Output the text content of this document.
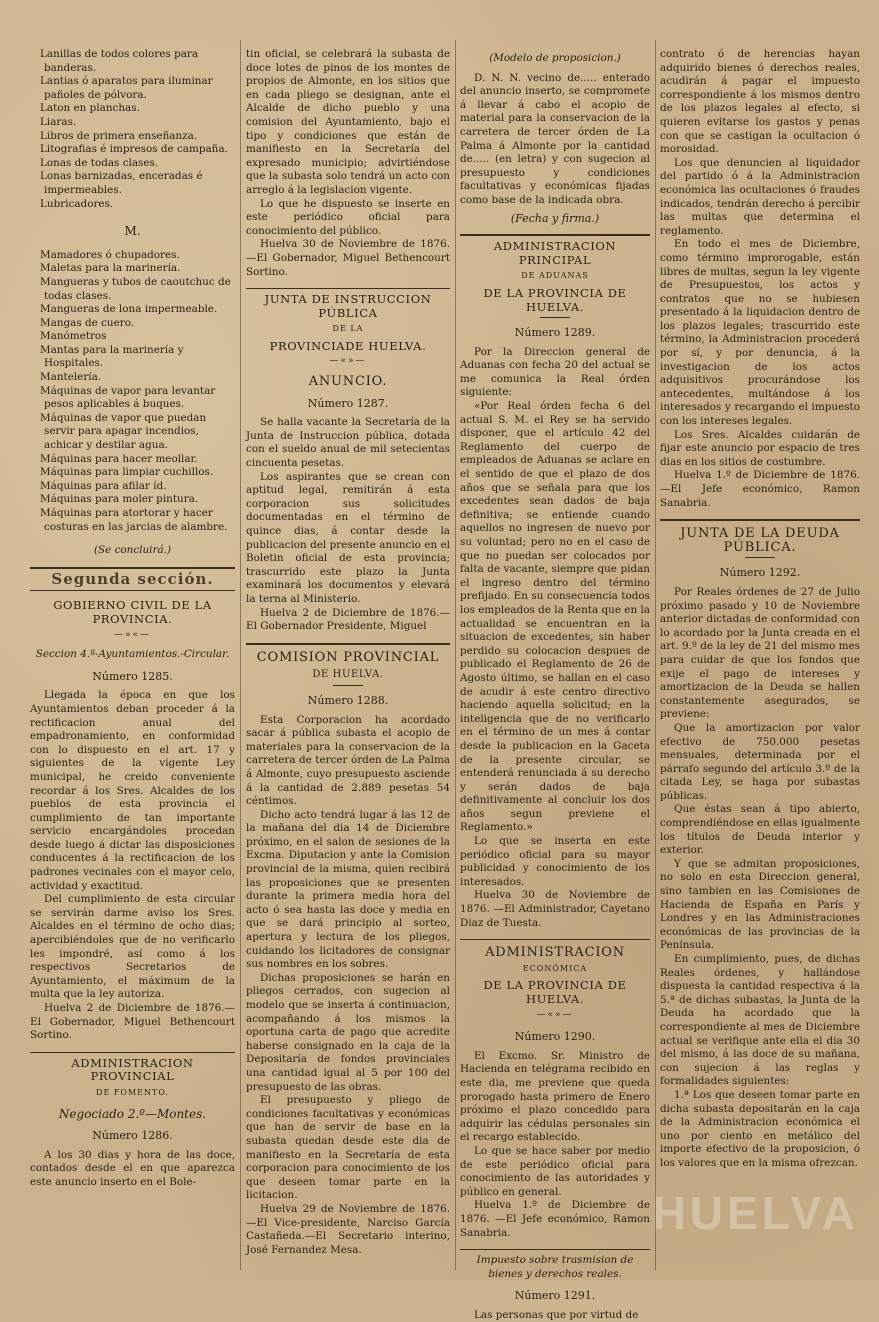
Lanillas de todos colores para banderas.

Lantias ó aparatos para iluminar pañoles de pólvora.

Laton en planchas.

Liaras.

Libros de primera enseñanza.

Litografias é impresos de campaña.

Lonas de todas clases.

Lonas barnizadas, enceradas é impermeables.

Lubricadores.

M.

Mamadores ó chupadores.

Maletas para la marinería.

Mangueras y tubos de caoutchuc de todas clases.

Mangueras de lona impermeable.

Mangas de cuero.

Manómetros

Mantas para la marinería y Hospitales.

Mantelería.

Máquinas de vapor para levantar pesos aplicables á buques.

Máquinas de vapor que puedan servir para apagar incendios, achicar y destilar agua.

Máquinas para hacer meollar.

Máquinas para limpiar cuchillos.

Máquinas para afilar íd.

Máquinas para moler pintura.

Máquinas para atortorar y hacer costuras en las jarcias de alambre.

(Se concluirá.)

Segunda sección.

GOBIERNO CIVIL DE LA PROVINCIA.

—»«—

Seccion 4.ª-Ayuntamientos.-Circular.

Número 1285.

Llegada la época en que los Ayuntamientos deban proceder á la rectificacion anual del empadronamiento, en conformidad con lo dispuesto en el art. 17 y siguientes de la vigente Ley municipal, he creido conveniente recordar á los Sres. Alcaldes de los pueblos de esta provincia el cumplimiento de tan importante servicio encargándoles procedan desde luego á dictar las disposiciones conducentes á la rectificacion de los padrones vecinales con el mayor celo, actividad y exactitud.

Del cumplimiento de esta circular se servirán darme aviso los Sres. Alcaldes en el término de ocho dias; apercibiéndoles que de no verificarlo les impondré, así como á los respectivos Secretarios de Ayuntamiento, el máximum de la multa que la ley autoriza.

Huelva 2 de Diciembre de 1876.—El Gobernador, Miguel Bethencourt Sortino.

ADMINISTRACION PROVINCIAL

DE FOMENTO.

Negociado 2.º—Montes.

Número 1286.

A los 30 dias y hora de las doce, contados desde el en que aparezca este anuncio inserto en el Bole-

tin oficial, se celebrará la subasta de doce lotes de pinos de los montes de propios de Almonte, en los sitios que en cada pliego se designan, ante el Alcalde de dicho pueblo y una comision del Ayuntamiento, bajo el tipo y condiciones que están de manifiesto en la Secretaría del expresado municipio; advirtiéndose que la subasta solo tendrá un acto con arreglo á la legislacion vigente.

Lo que he dispuesto se inserte en este periódico oficial para conocimiento del público.

Huelva 30 de Noviembre de 1876. —El Gobernador, Miguel Bethencourt Sortino.

JUNTA DE INSTRUCCION PÚBLICA

DE LA

PROVINCIADE HUELVA.

—«»—

ANUNCIO.

Número 1287.

Se halla vacante la Secretaría de la Junta de Instruccion pública, dotada con el sueldo anual de mil setecientas cincuenta pesetas.

Los aspirantes que se crean con aptitud legal, remitirán á esta corporacion sus solicitudes documentadas en el término de quince dias, á contar desde la publicacion del presente anuncio en el Boletin oficial de esta provincia; trascurrido este plazo la Junta examinará los documentos y elevará la terna al Ministerio.

Huelva 2 de Diciembre de 1876.—El Gobernador Presidente, Miguel

COMISION PROVINCIAL

DE HUELVA.

Número 1288.

Esta Corporacion ha acordado sacar á pública subasta el acopio de materiales para la conservacion de la carretera de tercer órden de La Palma á Almonte, cuyo presupuesto asciende á la cantidad de 2.889 pesetas 54 céntimos.

Dicho acto tendrá lugar á las 12 de la mañana del dia 14 de Diciembre próximo, en el salon de sesiones de la Excma. Diputacion y ante la Comision provincial de la misma, quien recibirá las proposiciones que se presenten durante la primera media hora del acto ó sea hasta las doce y media en que se dará principio al sorteo, apertura y lectura de los pliegos, cuidando los licitadores de consignar sus nombres en los sobres.

Dichas proposiciones se harán en pliegos cerrados, con sugecion al modelo que se inserta á continuacion, acompañando á los mismos la oportuna carta de pago que acredite haberse consignado en la caja de la Depositaría de fondos provinciales una cantidad igual al 5 por 100 del presupuesto de las obras.

El presupuesto y pliego de condiciones facultativas y económicas que han de servir de base en la subasta quedan desde este dia de manifiesto en la Secretaría de esta corporacion para conocimiento de los que deseen tomar parte en la licitacion.

Huelva 29 de Noviembre de 1876. —El Vice-presidente, Narciso García Castañeda.—El Secretario interino, José Fernandez Mesa.

(Modelo de proposicion.)

D. N. N. vecino de..... enterado del anuncio inserto, se compromete á llevar á cabo el acopio de material para la conservacion de la carretera de tercer órden de La Palma á Almonte por la cantidad de..... (en letra) y con sugecion al presupuesto y condiciones facultativas y económicas fijadas como base de la indicada obra.

(Fecha y firma.)

ADMINISTRACION PRINCIPAL

DE ADUANAS

DE LA PROVINCIA DE HUELVA.

Número 1289.

Por la Direccion general de Aduanas con fecha 20 del actual se me comunica la Real órden siguiente:

«Por Real órden fecha 6 del actual S. M. el Rey se ha servido disponer, que el artículo 42 del Reglamento del cuerpo de empleados de Aduanas se aclare en el sentido de que el plazo de dos años que se señala para que los excedentes sean dados de baja definitiva; se entiende cuando aquellos no ingresen de nuevo por su voluntad; pero no en el caso de que no puedan ser colocados por falta de vacante, siempre que pidan el ingreso dentro del término prefijado. En su consecuencia todos los empleados de la Renta que en la actualidad se encuentran en la situacion de excedentes, sin haber perdido su colocacion despues de publicado el Reglamento de 26 de Agosto último, se hallan en el caso de acudir á este centro directivo haciendo aquella solicitud; en la inteligencia que de no verificarlo en el término de un mes á contar desde la publicacion en la Gaceta de la presente circular, se entenderá renunciada á su derecho y serán dados de baja definitivamente al concluir los dos años segun previene el Reglamento.»

Lo que se inserta en este periódico oficial para su mayor publicidad y conocimiento de los interesados.

Huelva 30 de Noviembre de 1876. —El Administrador, Cayetano Diaz de Tuesta.

ADMINISTRACION

ECONÓMICA

DE LA PROVINCIA DE HUELVA.

—«»—

Número 1290.

El Excmo. Sr. Ministro de Hacienda en telégrama recibido en este dia, me previene que queda prorogado hasta primero de Enero próximo el plazo concedido para adquirir las cédulas personales sin el recargo establecido.

Lo que se hace saber por medio de este periódico oficial para conocimiento de las autoridades y público en general.

Huelva 1.º de Diciembre de 1876. —El Jefe económico, Ramon Sanabria.

Impuesto sobre trasmision de bienes y derechos reales.

Número 1291.

Las personas que por virtud de

contrato ó de herencias hayan adquirido bienes ó derechos reales, acudirán á pagar el impuesto correspondiente á los mismos dentro de los plazos legales al efecto, si quieren evitarse los gastos y penas con que se castigan la ocultacion ó morosidad.

Los que denuncien al liquidador del partido ó á la Administracion económica las ocultaciones ó fraudes indicados, tendrán derecho á percibir las multas que determina el reglamento.

En todo el mes de Diciembre, como término improrogable, están libres de multas, segun la ley vigente de Presupuestos, los actos y contratos que no se hubiesen presentado á la liquidacion dentro de los plazos legales; trascurrido este término, la Administracion procederá por sí, y por denuncia, á la investigacion de los actos adquisitivos procurándose los antecedentes, multándose á los interesados y recargando el impuesto con los intereses legales.

Los Sres. Alcaldes cuidarán de fijar este anuncio por espacio de tres dias en los sitios de costumbre.

Huelva 1.º de Diciembre de 1876. —El Jefe económico, Ramon Sanabria.

JUNTA DE LA DEUDA PÚBLICA.

Número 1292.

Por Reales órdenes de 27 de Julio próximo pasado y 10 de Noviembre anterior dictadas de conformidad con lo acordado por la Junta creada en el art. 9.º de la ley de 21 del mismo mes para cuidar de que los fondos que exije el pago de intereses y amortizacion de la Deuda se hallen constantemente asegurados, se previene:

Que la amortizacion por valor efectivo de 750.000 pesetas mensuales, determinada por el párrafo segundo del artículo 3.º de la citada Ley, se haga por subastas públicas.

Que éstas sean á tipo abierto, comprendiéndose en ellas igualmente los títulos de Deuda interior y exterior.

Y que se admitan proposiciones, no solo en esta Direccion general, sino tambien en las Comisiones de Hacienda de España en París y Londres y en las Administraciones económicas de las provincias de la Península.

En cumplimiento, pues, de dichas Reales órdenes, y hallándose dispuesta la cantidad respectiva á la 5.ª de dichas subastas, la Junta de la Deuda ha acordado que la correspondiente al mes de Diciembre actual se verifique ante ella el dia 30 del mismo, á las doce de su mañana, con sujecion á las reglas y formalidades siguientes:

1.ª Los que deseen tomar parte en dicha subasta depositarán en la caja de la Administracion económica el uno por ciento en metálico del importe efectivo de la proposicion, ó los valores que en la misma ofrezcan.

HUELVA
